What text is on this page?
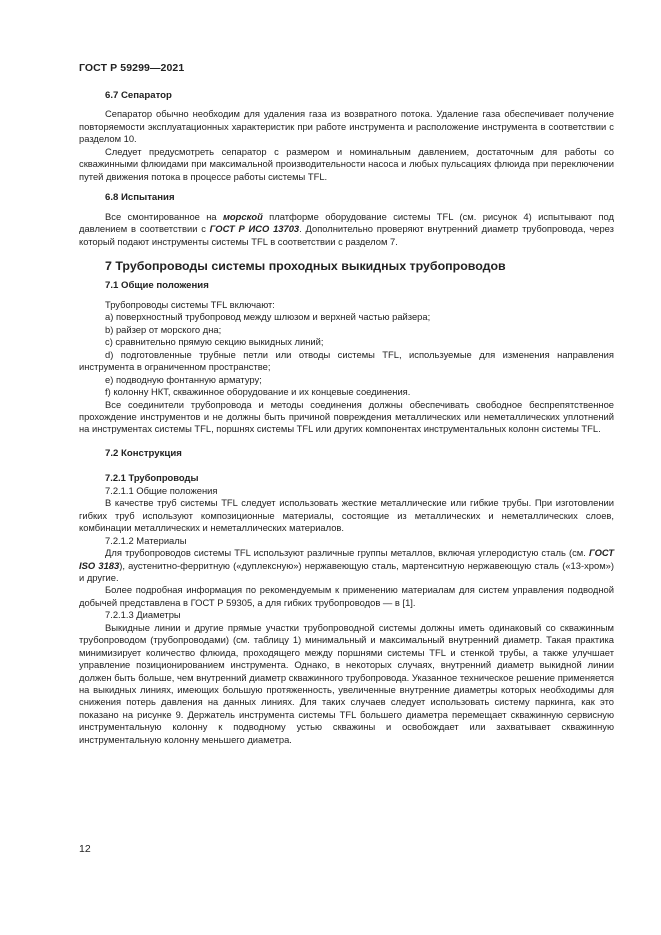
ГОСТ Р 59299—2021
6.7 Сепаратор

Сепаратор обычно необходим для удаления газа из возвратного потока. Удаление газа обеспечивает получение повторяемости эксплуатационных характеристик при работе инструмента и расположение инструмента в соответствии с разделом 10.

Следует предусмотреть сепаратор с размером и номинальным давлением, достаточным для работы со скважинными флюидами при максимальной производительности насоса и любых пульсациях флюида при переключении путей движения потока в процессе работы системы TFL.

6.8 Испытания

Все смонтированное на морской платформе оборудование системы TFL (см. рисунок 4) испытывают под давлением в соответствии с ГОСТ Р ИСО 13703. Дополнительно проверяют внутренний диаметр трубопровода, через который подают инструменты системы TFL в соответствии с разделом 7.

7 Трубопроводы системы проходных выкидных трубопроводов
7.1 Общие положения

Трубопроводы системы TFL включают:

а) поверхностный трубопровод между шлюзом и верхней частью райзера;

b) райзер от морского дна;

с) сравнительно прямую секцию выкидных линий;

d) подготовленные трубные петли или отводы системы TFL, используемые для изменения направления инструмента в ограниченном пространстве;

е) подводную фонтанную арматуру;

f) колонну НКТ, скважинное оборудование и их концевые соединения.

Все соединители трубопровода и методы соединения должны обеспечивать свободное беспрепятственное прохождение инструментов и не должны быть причиной повреждения металлических или неметаллических уплотнений на инструментах системы TFL, поршнях системы TFL или других компонентах инструментальных колонн системы TFL.

7.2 Конструкция
7.2.1 Трубопроводы
7.2.1.1 Общие положения

В качестве труб системы TFL следует использовать жесткие металлические или гибкие трубы. При изготовлении гибких труб используют композиционные материалы, состоящие из металлических и неметаллических слоев, комбинации металлических и неметаллических материалов.

7.2.1.2 Материалы

Для трубопроводов системы TFL используют различные группы металлов, включая углеродистую сталь (см. ГОСТ ISO 3183), аустенитно-ферритную («дуплексную») нержавеющую сталь, мартенситную нержавеющую сталь («13-хром») и другие.

Более подробная информация по рекомендуемым к применению материалам для систем управления подводной добычей представлена в ГОСТ Р 59305, а для гибких трубопроводов — в [1].

7.2.1.3 Диаметры

Выкидные линии и другие прямые участки трубопроводной системы должны иметь одинаковый со скважинным трубопроводом (трубопроводами) (см. таблицу 1) минимальный и максимальный внутренний диаметр. Такая практика минимизирует количество флюида, проходящего между поршнями системы TFL и стенкой трубы, а также улучшает управление позиционированием инструмента. Однако, в некоторых случаях, внутренний диаметр выкидной линии должен быть больше, чем внутренний диаметр скважинного трубопровода. Указанное техническое решение применяется на выкидных линиях, имеющих большую протяженность, увеличенные внутренние диаметры которых необходимы для снижения потерь давления на данных линиях. Для таких случаев следует использовать систему паркинга, как это показано на рисунке 9. Держатель инструмента системы TFL большего диаметра перемещает скважинную сервисную инструментальную колонну к подводному устью скважины и освобождает или захватывает скважинную инструментальную колонну меньшего диаметра.

12
